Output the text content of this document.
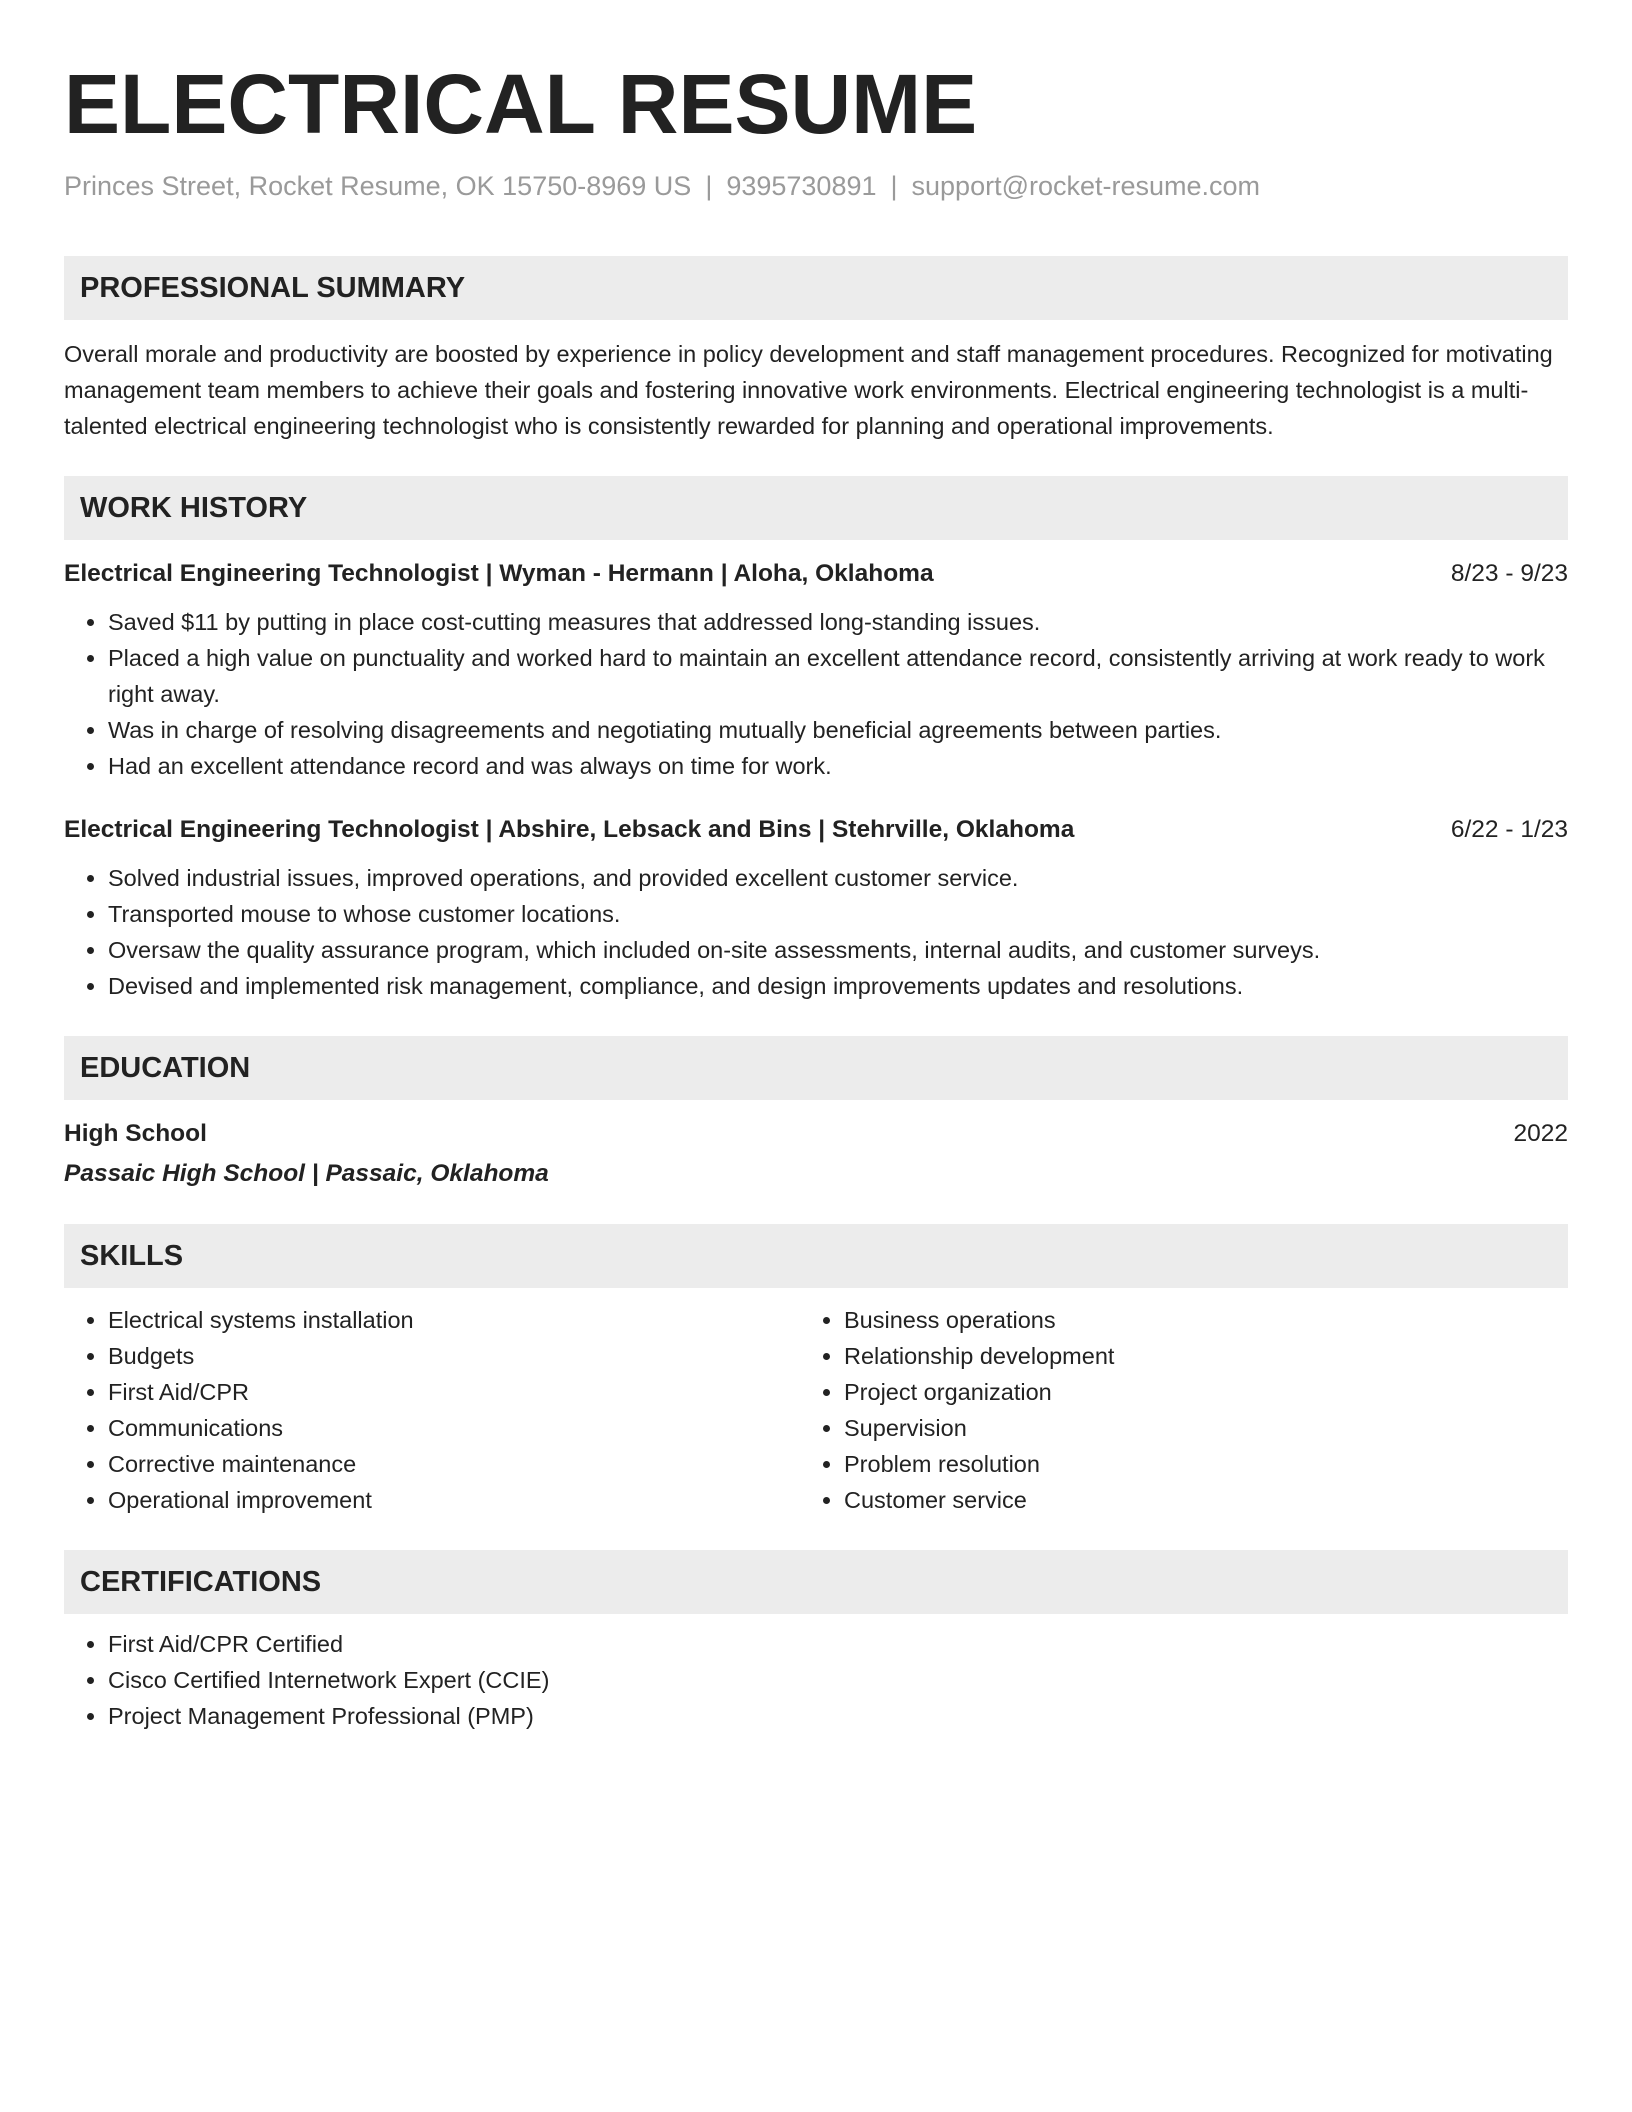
ELECTRICAL RESUME
Princes Street, Rocket Resume, OK 15750-8969 US | 9395730891 | support@rocket-resume.com
PROFESSIONAL SUMMARY
Overall morale and productivity are boosted by experience in policy development and staff management procedures. Recognized for motivating management team members to achieve their goals and fostering innovative work environments. Electrical engineering technologist is a multi-talented electrical engineering technologist who is consistently rewarded for planning and operational improvements.
WORK HISTORY
Electrical Engineering Technologist | Wyman - Hermann | Aloha, Oklahoma	8/23 - 9/23
• Saved $11 by putting in place cost-cutting measures that addressed long-standing issues.
• Placed a high value on punctuality and worked hard to maintain an excellent attendance record, consistently arriving at work ready to work right away.
• Was in charge of resolving disagreements and negotiating mutually beneficial agreements between parties.
• Had an excellent attendance record and was always on time for work.
Electrical Engineering Technologist | Abshire, Lebsack and Bins | Stehrville, Oklahoma	6/22 - 1/23
• Solved industrial issues, improved operations, and provided excellent customer service.
• Transported mouse to whose customer locations.
• Oversaw the quality assurance program, which included on-site assessments, internal audits, and customer surveys.
• Devised and implemented risk management, compliance, and design improvements updates and resolutions.
EDUCATION
High School	2022
Passaic High School | Passaic, Oklahoma
SKILLS
• Electrical systems installation
• Budgets
• First Aid/CPR
• Communications
• Corrective maintenance
• Operational improvement
• Business operations
• Relationship development
• Project organization
• Supervision
• Problem resolution
• Customer service
CERTIFICATIONS
• First Aid/CPR Certified
• Cisco Certified Internetwork Expert (CCIE)
• Project Management Professional (PMP)
